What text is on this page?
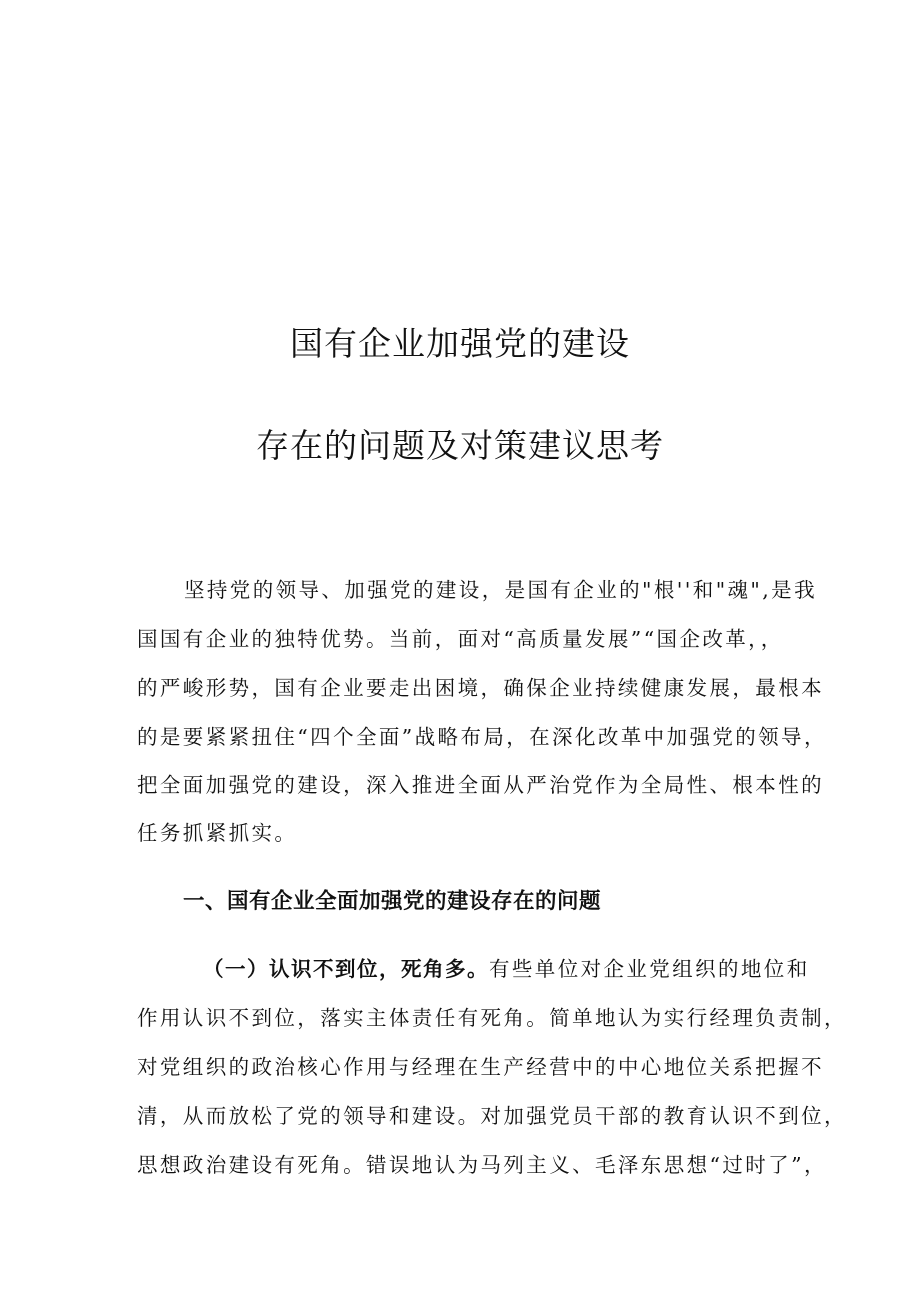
国有企业加强党的建设
存在的问题及对策建议思考

坚持党的领导、加强党的建设，是国有企业的"根''和"魂",是我

国国有企业的独特优势。当前，面对“高质量发展”“国企改革，，

的严峻形势，国有企业要走出困境，确保企业持续健康发展，最根本

的是要紧紧扭住“四个全面”战略布局，在深化改革中加强党的领导，

把全面加强党的建设，深入推进全面从严治党作为全局性、根本性的

任务抓紧抓实。

一、国有企业全面加强党的建设存在的问题

（一）认识不到位，死角多。有些单位对企业党组织的地位和

作用认识不到位，落实主体责任有死角。简单地认为实行经理负责制，

对党组织的政治核心作用与经理在生产经营中的中心地位关系把握不

清，从而放松了党的领导和建设。对加强党员干部的教育认识不到位，

思想政治建设有死角。错误地认为马列主义、毛泽东思想“过时了”，
